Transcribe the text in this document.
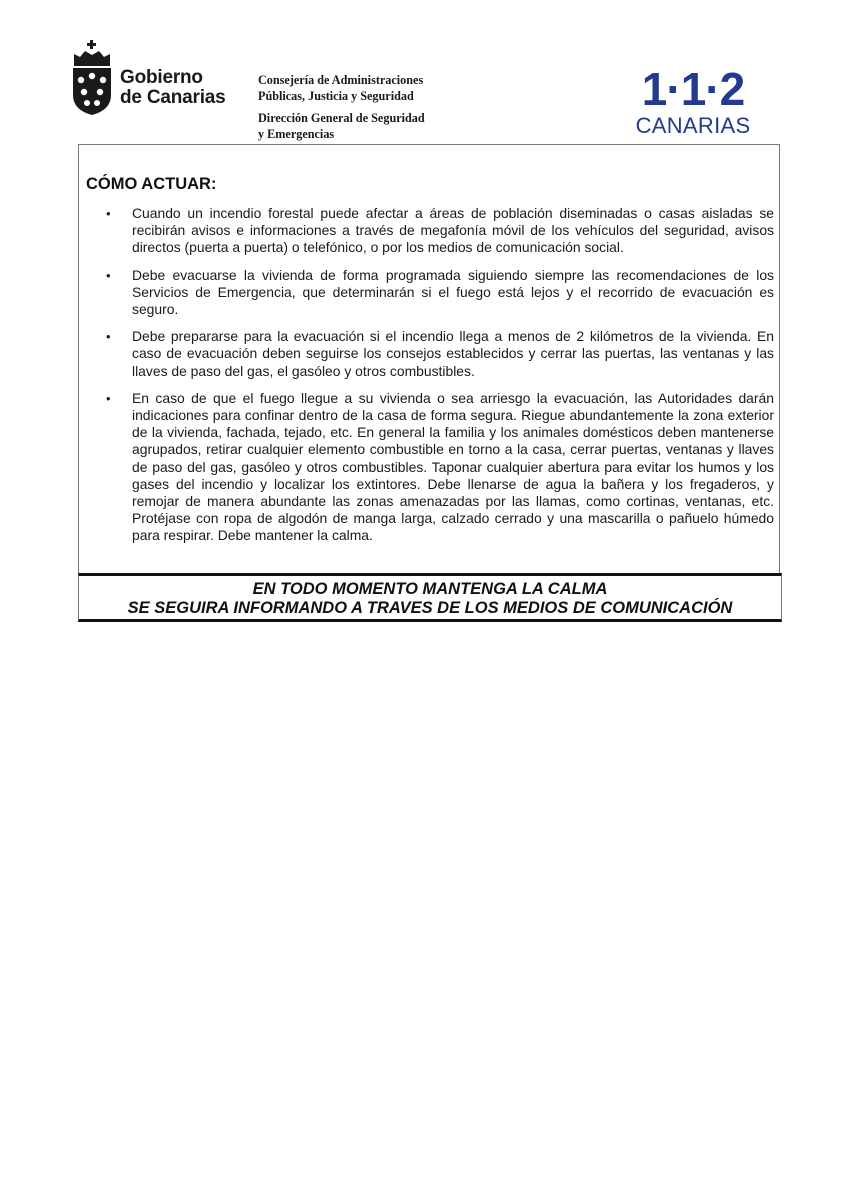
Gobierno
de Canarias
Consejería de Administraciones
Públicas, Justicia y Seguridad
Dirección General de Seguridad
y Emergencias
1·1·2
CANARIAS
CÓMO ACTUAR:
•	Cuando un incendio forestal puede afectar a áreas de población diseminadas o casas aisladas se recibirán avisos e informaciones a través de megafonía móvil de los vehículos del seguridad, avisos directos (puerta a puerta) o telefónico, o por los medios de comunicación social.
•	Debe evacuarse la vivienda de forma programada siguiendo siempre las recomendaciones de los Servicios de Emergencia, que determinarán si el fuego está lejos y el recorrido de evacuación es seguro.
•	Debe prepararse para la evacuación si el incendio llega a menos de 2 kilómetros de la vivienda. En caso de evacuación deben seguirse los consejos establecidos y cerrar las puertas, las ventanas y las llaves de paso del gas, el gasóleo y otros combustibles.
•	En caso de que el fuego llegue a su vivienda o sea arriesgo la evacuación, las Autoridades darán indicaciones para confinar dentro de la casa de forma segura. Riegue abundantemente la zona exterior de la vivienda, fachada, tejado, etc. En general la familia y los animales domésticos deben mantenerse agrupados, retirar cualquier elemento combustible en torno a la casa, cerrar puertas, ventanas y llaves de paso del gas, gasóleo y otros combustibles. Taponar cualquier abertura para evitar los humos y los gases del incendio y localizar los extintores. Debe llenarse de agua la bañera y los fregaderos, y remojar de manera abundante las zonas amenazadas por las llamas, como cortinas, ventanas, etc. Protéjase con ropa de algodón de manga larga, calzado cerrado y una mascarilla o pañuelo húmedo para respirar. Debe mantener la calma.
EN TODO MOMENTO MANTENGA LA CALMA
SE SEGUIRA INFORMANDO A TRAVES DE LOS MEDIOS DE COMUNICACIÓN
